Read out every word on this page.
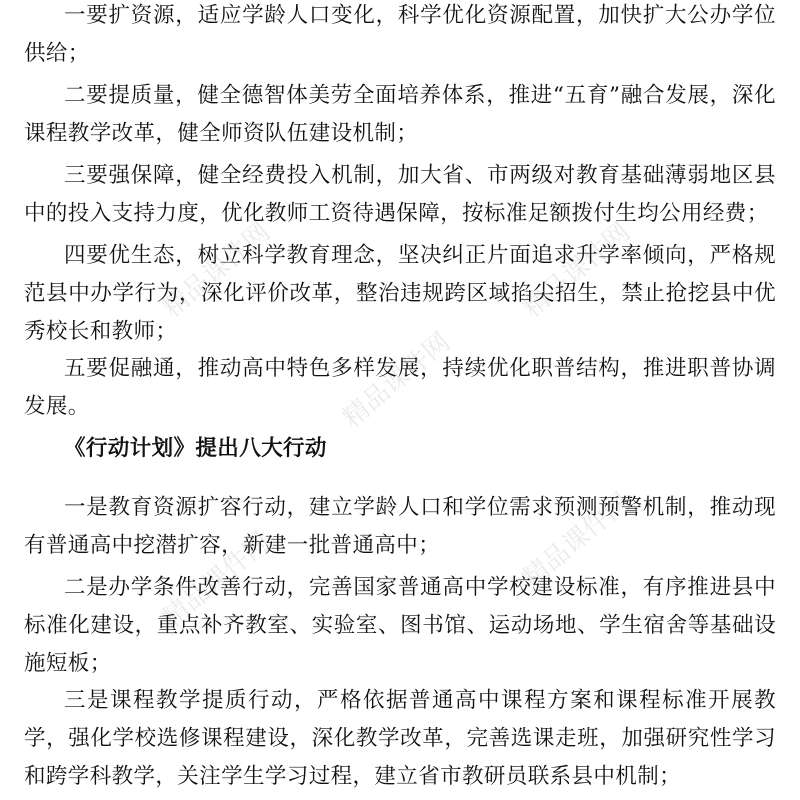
精品课件网	精品课件网
精品课件网
精品课件网
精品课件网

一要扩资源，适应学龄人口变化，科学优化资源配置，加快扩大公办学位供给；

二要提质量，健全德智体美劳全面培养体系，推进“五育”融合发展，深化课程教学改革，健全师资队伍建设机制；

三要强保障，健全经费投入机制，加大省、市两级对教育基础薄弱地区县中的投入支持力度，优化教师工资待遇保障，按标准足额拨付生均公用经费；

四要优生态，树立科学教育理念，坚决纠正片面追求升学率倾向，严格规范县中办学行为，深化评价改革，整治违规跨区域掐尖招生，禁止抢挖县中优秀校长和教师；

五要促融通，推动高中特色多样发展，持续优化职普结构，推进职普协调发展。

《行动计划》提出八大行动

一是教育资源扩容行动，建立学龄人口和学位需求预测预警机制，推动现有普通高中挖潜扩容，新建一批普通高中；

二是办学条件改善行动，完善国家普通高中学校建设标准，有序推进县中标准化建设，重点补齐教室、实验室、图书馆、运动场地、学生宿舍等基础设施短板；

三是课程教学提质行动，严格依据普通高中课程方案和课程标准开展教学，强化学校选修课程建设，深化教学改革，完善选课走班，加强研究性学习和跨学科教学，关注学生学习过程，建立省市教研员联系县中机制；
